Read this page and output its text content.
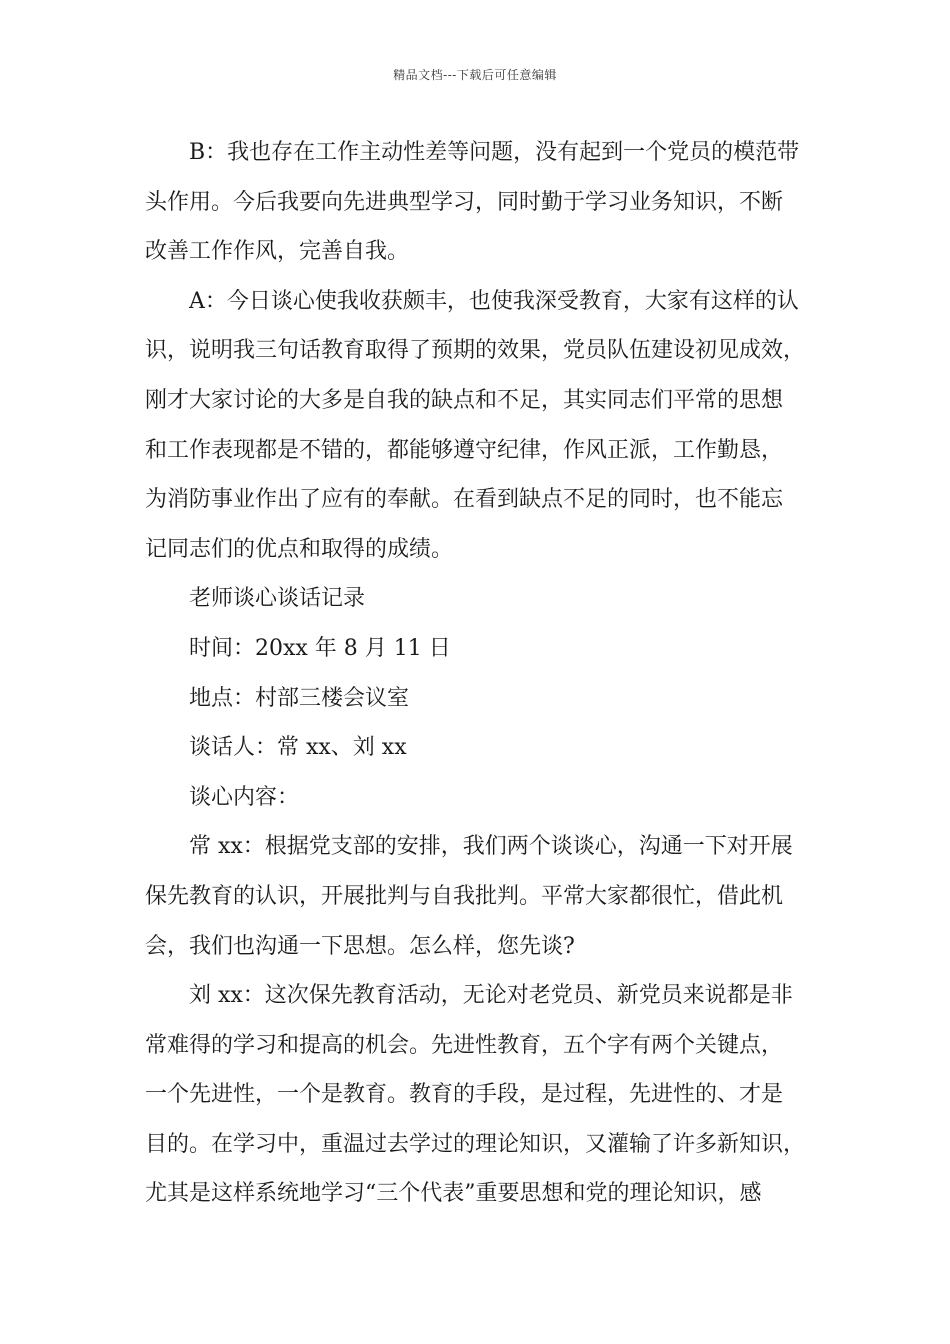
精品文档---下载后可任意编辑

　　B：我也存在工作主动性差等问题，没有起到一个党员的模范带
头作用。今后我要向先进典型学习，同时勤于学习业务知识，不断
改善工作作风，完善自我。

　　A：今日谈心使我收获颇丰，也使我深受教育，大家有这样的认
识，说明我三句话教育取得了预期的效果，党员队伍建设初见成效，
刚才大家讨论的大多是自我的缺点和不足，其实同志们平常的思想
和工作表现都是不错的，都能够遵守纪律，作风正派，工作勤恳，
为消防事业作出了应有的奉献。在看到缺点不足的同时，也不能忘
记同志们的优点和取得的成绩。

　　老师谈心谈话记录

　　时间：20xx 年 8 月 11 日

　　地点：村部三楼会议室

　　谈话人：常 xx、刘 xx

　　谈心内容：

　　常 xx：根据党支部的安排，我们两个谈谈心，沟通一下对开展
保先教育的认识，开展批判与自我批判。平常大家都很忙，借此机
会，我们也沟通一下思想。怎么样，您先谈?

　　刘 xx：这次保先教育活动，无论对老党员、新党员来说都是非
常难得的学习和提高的机会。先进性教育，五个字有两个关键点，
一个先进性，一个是教育。教育的手段，是过程，先进性的、才是
目的。在学习中，重温过去学过的理论知识，又灌输了许多新知识，
尤其是这样系统地学习“三个代表”重要思想和党的理论知识，感
